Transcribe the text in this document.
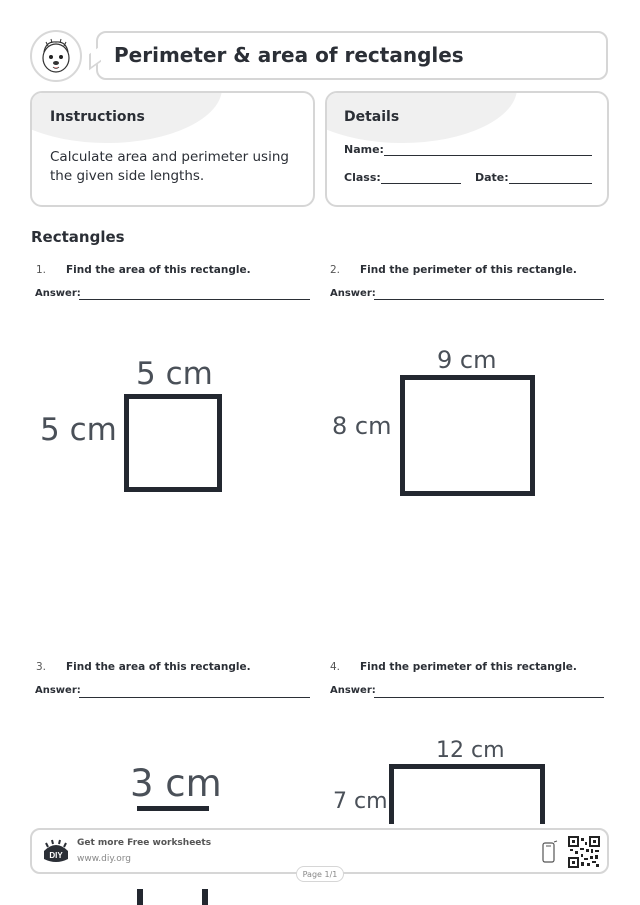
Perimeter & area of rectangles
Instructions
Calculate area and perimeter using
the given side lengths.
Details
Name:
Class:	Date:
Rectangles
1. Find the area of this rectangle.
Answer:
5 cm
5 cm
2. Find the perimeter of this rectangle.
Answer:
9 cm
8 cm
3. Find the area of this rectangle.
Answer:
3 cm
4. Find the perimeter of this rectangle.
Answer:
12 cm
7 cm
DIY
Get more Free worksheets
www.diy.org
Page 1/1
